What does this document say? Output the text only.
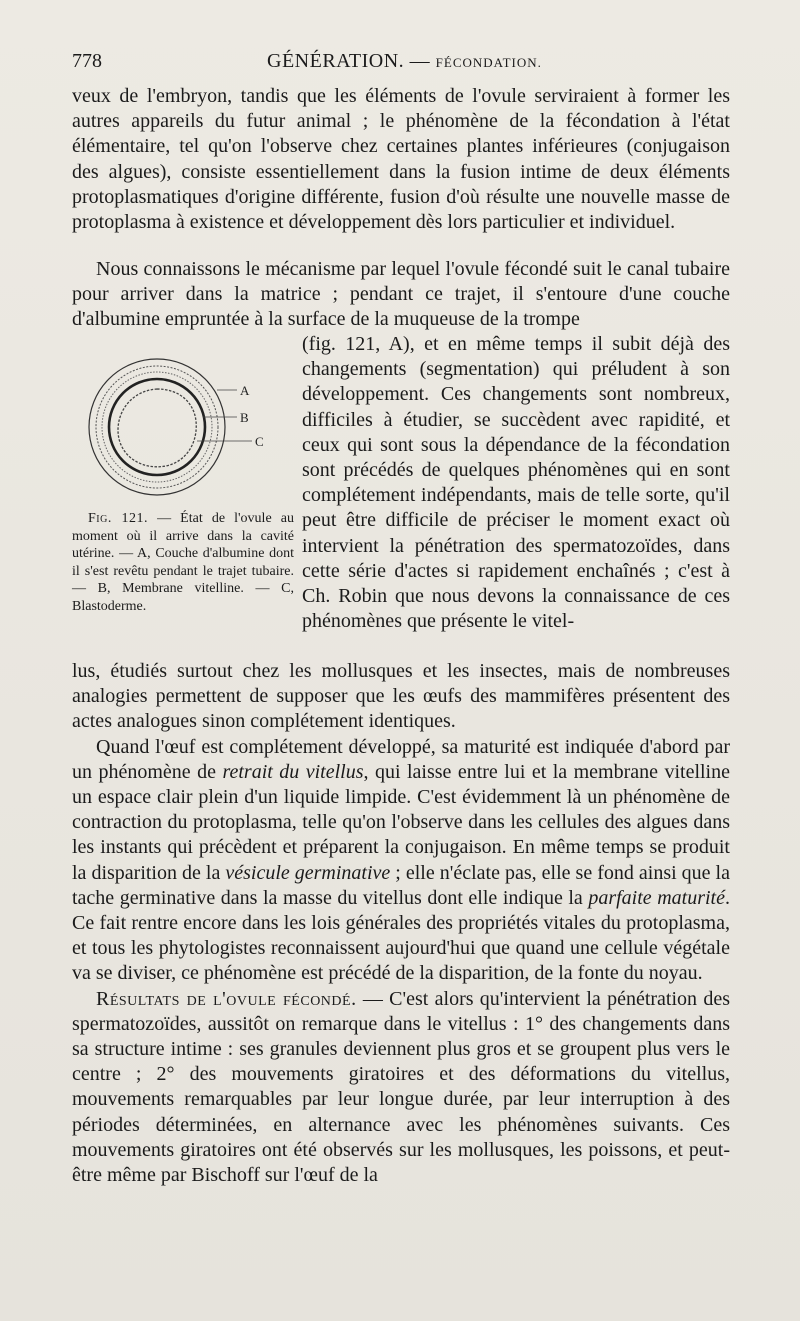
778	GÉNÉRATION. — FÉCONDATION.

veux de l'embryon, tandis que les éléments de l'ovule serviraient à former les autres appareils du futur animal ; le phénomène de la fécondation à l'état élémentaire, tel qu'on l'observe chez certaines plantes inférieures (conjugaison des algues), consiste essentiellement dans la fusion intime de deux éléments protoplasmatiques d'origine différente, fusion d'où résulte une nouvelle masse de protoplasma à existence et développement dès lors particulier et individuel.

Nous connaissons le mécanisme par lequel l'ovule fécondé suit le canal tubaire pour arriver dans la matrice ; pendant ce trajet, il s'entoure d'une couche d'albumine empruntée à la surface de la muqueuse de la trompe

A
B
C
Fig. 121. — État de l'ovule au moment où il arrive dans la cavité utérine. — A, Couche d'albumine dont il s'est revêtu pendant le trajet tubaire. — B, Membrane vitelline. — C, Blastoderme.

(fig. 121, A), et en même temps il subit déjà des changements (segmentation) qui préludent à son développement. Ces changements sont nombreux, difficiles à étudier, se succèdent avec rapidité, et ceux qui sont sous la dépendance de la fécondation sont précédés de quelques phénomènes qui en sont complétement indépendants, mais de telle sorte, qu'il peut être difficile de préciser le moment exact où intervient la pénétration des spermatozoïdes, dans cette série d'actes si rapidement enchaînés ; c'est à Ch. Robin que nous devons la connaissance de ces phénomènes que présente le vitel-

lus, étudiés surtout chez les mollusques et les insectes, mais de nombreuses analogies permettent de supposer que les œufs des mammifères présentent des actes analogues sinon complétement identiques.

Quand l'œuf est complétement développé, sa maturité est indiquée d'abord par un phénomène de retrait du vitellus, qui laisse entre lui et la membrane vitelline un espace clair plein d'un liquide limpide. C'est évidemment là un phénomène de contraction du protoplasma, telle qu'on l'observe dans les cellules des algues dans les instants qui précèdent et préparent la conjugaison. En même temps se produit la disparition de la vésicule germinative ; elle n'éclate pas, elle se fond ainsi que la tache germinative dans la masse du vitellus dont elle indique la parfaite maturité. Ce fait rentre encore dans les lois générales des propriétés vitales du protoplasma, et tous les phytologistes reconnaissent aujourd'hui que quand une cellule végétale va se diviser, ce phénomène est précédé de la disparition, de la fonte du noyau.

Résultats de l'ovule fécondé. — C'est alors qu'intervient la pénétration des spermatozoïdes, aussitôt on remarque dans le vitellus : 1° des changements dans sa structure intime : ses granules deviennent plus gros et se groupent plus vers le centre ; 2° des mouvements giratoires et des déformations du vitellus, mouvements remarquables par leur longue durée, par leur interruption à des périodes déterminées, en alternance avec les phénomènes suivants. Ces mouvements giratoires ont été observés sur les mollusques, les poissons, et peut-être même par Bischoff sur l'œuf de la
